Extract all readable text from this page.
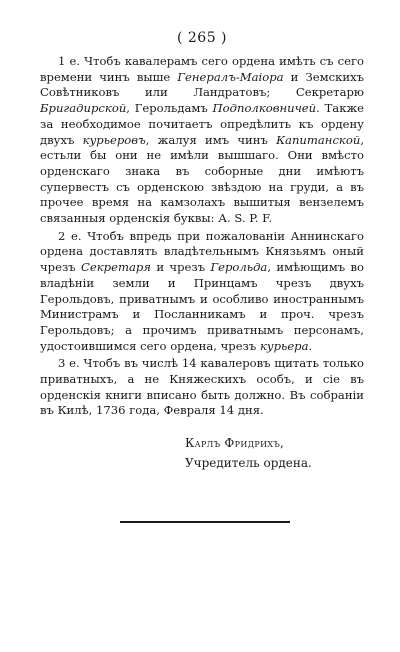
( 265 )

1 е. Чтобъ кавалерамъ сего ордена имѣть съ сего времени чинъ выше Генералъ-Маiора и Земскихъ Совѣтниковъ или Ландратовъ; Секретарю Бригадирской, Герольдамъ Подполковничей. Также за необходимое почитаетъ опредѣлить къ ордену двухъ курьеровъ, жалуя имъ чинъ Капитанской, естьли бы они не имѣли вышшаго. Они вмѣсто орденскаго знака въ соборные дни имѣютъ супервестъ съ орденскою звѣздою на груди, а въ прочее время на камзолахъ вышитыя вензелемъ связанныя орденскiя буквы: А. S. P. F.

2 е. Чтобъ впредь при пожалованiи Аннинскаго ордена доставлять владѣтельнымъ Князьямъ оный чрезъ Секретаря и чрезъ Герольда, имѣющимъ во владѣнiи земли и Принцамъ чрезъ двухъ Герольдовъ, приватнымъ и особливо иностраннымъ Министрамъ и Посланникамъ и проч. чрезъ Герольдовъ; а прочимъ приватнымъ персонамъ, удостоившимся сего ордена, чрезъ курьера.

3 е. Чтобъ въ числѣ 14 кавалеровъ щитать только приватныхъ, а не Княжескихъ особъ, и сiе въ орденскiя книги вписано быть должно. Въ собранiи въ Килѣ, 1736 года, Февраля 14 дня.

Карлъ Фридрихъ,
Учредитель ордена.
